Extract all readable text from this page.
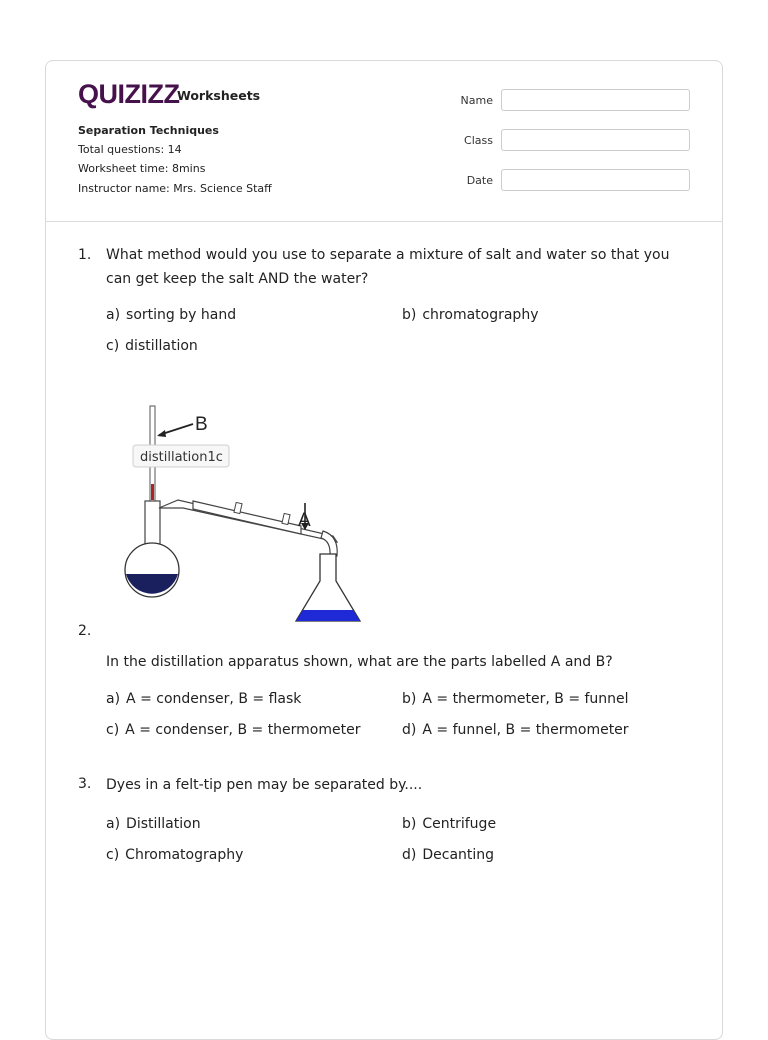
QUIZIZZ
Worksheets
Separation Techniques
Total questions: 14
Worksheet time: 8mins
Instructor name: Mrs. Science Staff
Name
Class
Date
1. What method would you use to separate a mixture of salt and water so that you can get keep the salt AND the water?
a) sorting by hand	b) chromatography
c) distillation
B
A
distillation1c
2.
In the distillation apparatus shown, what are the parts labelled A and B?
a) A = condenser, B = flask	b) A = thermometer, B = funnel
c) A = condenser, B = thermometer	d) A = funnel, B = thermometer
3. Dyes in a felt-tip pen may be separated by....
a) Distillation	b) Centrifuge
c) Chromatography	d) Decanting
